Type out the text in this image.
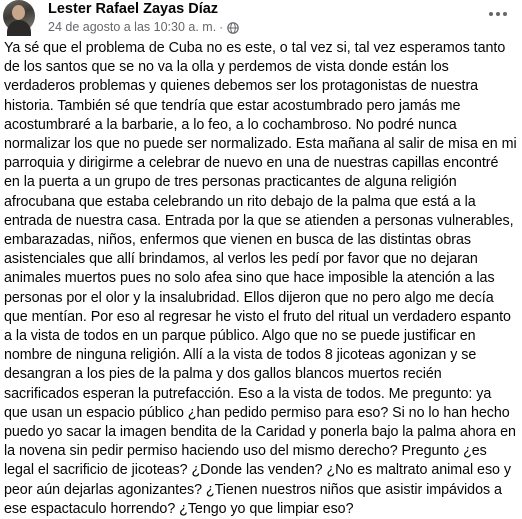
Lester Rafael Zayas Díaz
24 de agosto a las 10:30 a. m. ·
Ya sé que el problema de Cuba no es este, o tal vez si, tal vez esperamos tanto de los santos que se no va la olla y perdemos de vista donde están los verdaderos problemas y quienes debemos ser los protagonistas de nuestra historia. También sé que tendría que estar acostumbrado pero jamás me acostumbraré a la barbarie, a lo feo, a lo cochambroso. No podré nunca normalizar los que no puede ser normalizado. Esta mañana al salir de misa en mi parroquia y dirigirme a celebrar de nuevo en una de nuestras capillas encontré en la puerta a un grupo de tres personas practicantes de alguna religión afrocubana que estaba celebrando un rito debajo de la palma que está a la entrada de nuestra casa. Entrada por la que se atienden a personas vulnerables, embarazadas, niños, enfermos que vienen en busca de las distintas obras asistenciales que allí brindamos, al verlos les pedí por favor que no dejaran animales muertos pues no solo afea sino que hace imposible la atención a las personas por el olor y la insalubridad. Ellos dijeron que no pero algo me decía que mentían. Por eso al regresar he visto el fruto del ritual un verdadero espanto a la vista de todos en un parque público. Algo que no se puede justificar en nombre de ninguna religión. Allí a la vista de todos 8 jicoteas agonizan y se desangran a los pies de la palma y dos gallos blancos muertos recién sacrificados esperan la putrefacción. Eso a la vista de todos. Me pregunto: ya que usan un espacio público ¿han pedido permiso para eso? Si no lo han hecho puedo yo sacar la imagen bendita de la Caridad y ponerla bajo la palma ahora en la novena sin pedir permiso haciendo uso del mismo derecho? Pregunto ¿es legal el sacrificio de jicoteas? ¿Donde las venden? ¿No es maltrato animal eso y peor aún dejarlas agonizantes? ¿Tienen nuestros niños que asistir impávidos a ese espactaculo horrendo? ¿Tengo yo que limpiar eso?
